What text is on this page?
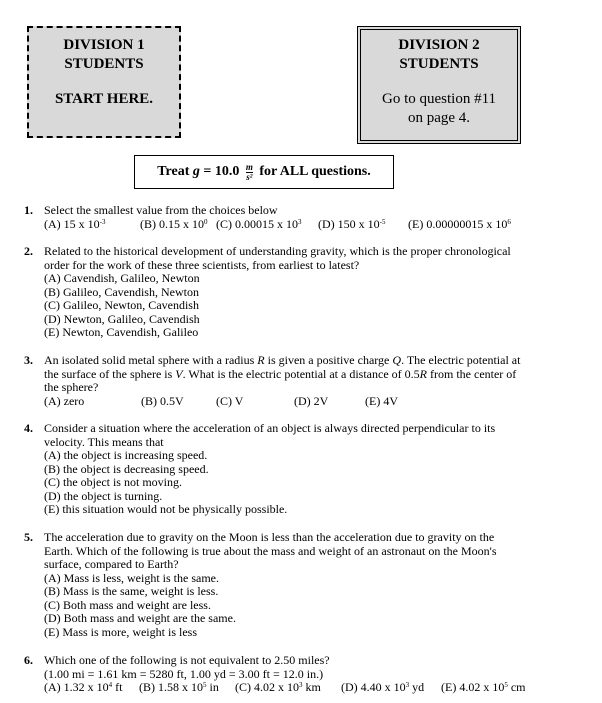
DIVISION 1
STUDENTS
START HERE.
DIVISION 2
STUDENTS
Go to question #11
on page 4.
Treat $g = 10.0 \frac{m}{\text{s²}}$ for ALL questions.
1. Select the smallest value from the choices below
(A) 15 x $10^{-3}$	(B) 0.15 x $10^0$ (C) 0.00015 x $10^3$	(D) 150 x $10^{-5}$	(E) 0.00000015 x $10^6$
2. Related to the historical development of understanding gravity, which is the proper chronological
order for the work of these three scientists, from earliest to latest?
(A) Cavendish, Galileo, Newton
(B) Galileo, Cavendish, Newton
(C) Galileo, Newton, Cavendish
(D) Newton, Galileo, Cavendish
(E) Newton, Cavendish, Galileo
3. An isolated solid metal sphere with a radius R is given a positive charge Q. The electric potential at
the surface of the sphere is V. What is the electric potential at a distance of 0.5R from the center of
the sphere?
(A) zero	(B) 0.5V	(C) V	(D) 2V	(E) 4V
4. Consider a situation where the acceleration of an object is always directed perpendicular to its
velocity. This means that
(A) the object is increasing speed.
(B) the object is decreasing speed.
(C) the object is not moving.
(D) the object is turning.
(E) this situation would not be physically possible.
5. The acceleration due to gravity on the Moon is less than the acceleration due to gravity on the
Earth. Which of the following is true about the mass and weight of an astronaut on the Moon's
surface, compared to Earth?
(A) Mass is less, weight is the same.
(B) Mass is the same, weight is less.
(C) Both mass and weight are less.
(D) Both mass and weight are the same.
(E) Mass is more, weight is less
6. Which one of the following is not equivalent to 2.50 miles?
(1.00 mi = 1.61 km = 5280 ft, 1.00 yd = 3.00 ft = 12.0 in.)
(A) 1.32 x $10^4$ ft	(B) 1.58 x $10^5$ in	(C) 4.02 x $10^3$ km	(D) 4.40 x $10^3$ yd	(E) 4.02 x $10^5$ cm
